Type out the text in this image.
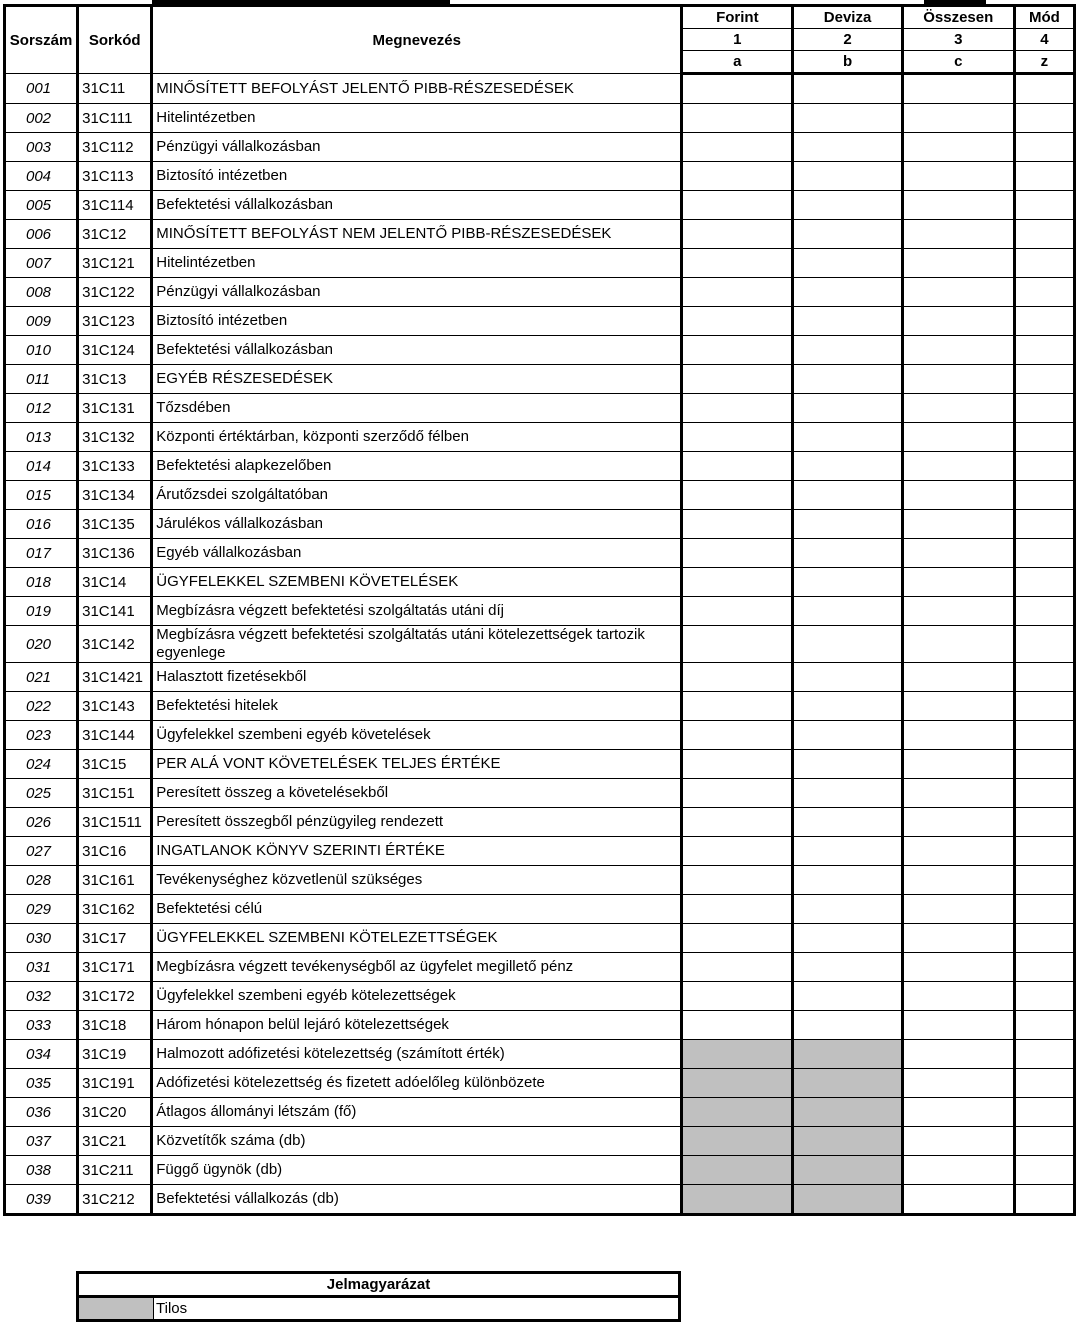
Sorszám	Sorkód	Megnevezés	Forint	Deviza	Összesen	Mód
			1	2	3	4
			a	b	c	z
001	31C11	MINŐSÍTETT BEFOLYÁST JELENTŐ PIBB-RÉSZESEDÉSEK				
002	31C111	Hitelintézetben				
003	31C112	Pénzügyi vállalkozásban				
004	31C113	Biztosító intézetben				
005	31C114	Befektetési vállalkozásban				
006	31C12	MINŐSÍTETT BEFOLYÁST NEM JELENTŐ PIBB-RÉSZESEDÉSEK				
007	31C121	Hitelintézetben				
008	31C122	Pénzügyi vállalkozásban				
009	31C123	Biztosító intézetben				
010	31C124	Befektetési vállalkozásban				
011	31C13	EGYÉB RÉSZESEDÉSEK				
012	31C131	Tőzsdében				
013	31C132	Központi értéktárban, központi szerződő félben				
014	31C133	Befektetési alapkezelőben				
015	31C134	Árutőzsdei szolgáltatóban				
016	31C135	Járulékos vállalkozásban				
017	31C136	Egyéb vállalkozásban				
018	31C14	ÜGYFELEKKEL SZEMBENI KÖVETELÉSEK				
019	31C141	Megbízásra végzett befektetési szolgáltatás utáni díj				
020	31C142	Megbízásra végzett befektetési szolgáltatás utáni kötelezettségek tartozik egyenlege				
021	31C1421	Halasztott fizetésekből				
022	31C143	Befektetési hitelek				
023	31C144	Ügyfelekkel szembeni egyéb követelések				
024	31C15	PER ALÁ VONT KÖVETELÉSEK TELJES ÉRTÉKE				
025	31C151	Peresített összeg a követelésekből				
026	31C1511	Peresített összegből pénzügyileg rendezett				
027	31C16	INGATLANOK KÖNYV SZERINTI ÉRTÉKE				
028	31C161	Tevékenységhez közvetlenül szükséges				
029	31C162	Befektetési célú				
030	31C17	ÜGYFELEKKEL SZEMBENI KÖTELEZETTSÉGEK				
031	31C171	Megbízásra végzett tevékenységből az ügyfelet megillető pénz				
032	31C172	Ügyfelekkel szembeni egyéb kötelezettségek				
033	31C18	Három hónapon belül lejáró kötelezettségek				
034	31C19	Halmozott adófizetési kötelezettség (számított érték)				
035	31C191	Adófizetési kötelezettség és fizetett adóelőleg különbözete				
036	31C20	Átlagos állományi létszám (fő)				
037	31C21	Közvetítők száma (db)				
038	31C211	Függő ügynök (db)				
039	31C212	Befektetési vállalkozás (db)				
Jelmagyarázat
	Tilos
